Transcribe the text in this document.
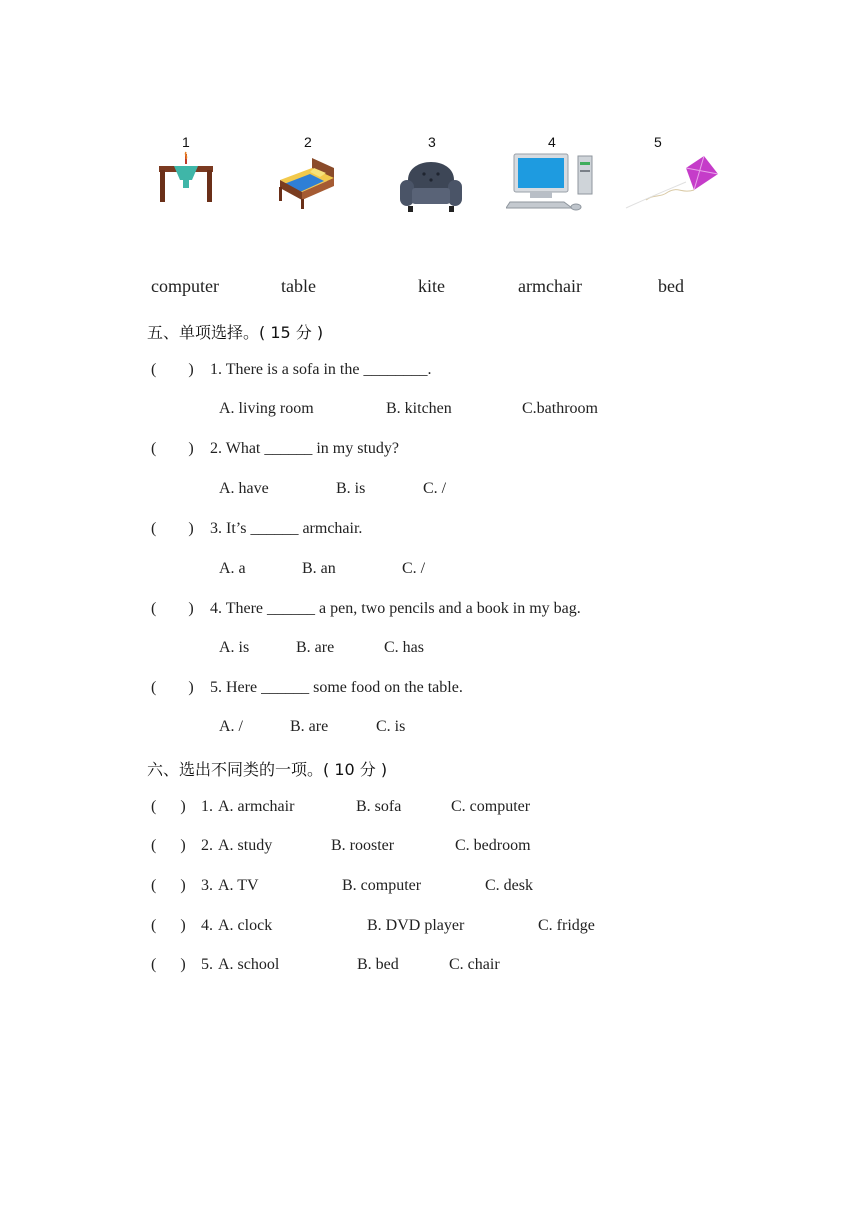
1	2	3	4	5
computer	table	kite	armchair	bed
五、单项选择。( 15 分 )
(        ) 1. There is a sofa in the ________.
A. living room	B. kitchen	C.bathroom
(        ) 2. What ______ in my study?
A. have	B. is	C. /
(        ) 3. It’s ______ armchair.
A. a	B. an	C. /
(        ) 4. There ______ a pen, two pencils and a book in my bag.
A. is	B. are	C. has
(        ) 5. Here ______ some food on the table.
A. /	B. are	C. is
六、选出不同类的一项。( 10 分 )
(      ) 1. A. armchair	B. sofa	C. computer
(      ) 2. A. study	B. rooster	C. bedroom
(      ) 3. A. TV	B. computer	C. desk
(      ) 4. A. clock	B. DVD player	C. fridge
(      ) 5. A. school	B. bed	C. chair
